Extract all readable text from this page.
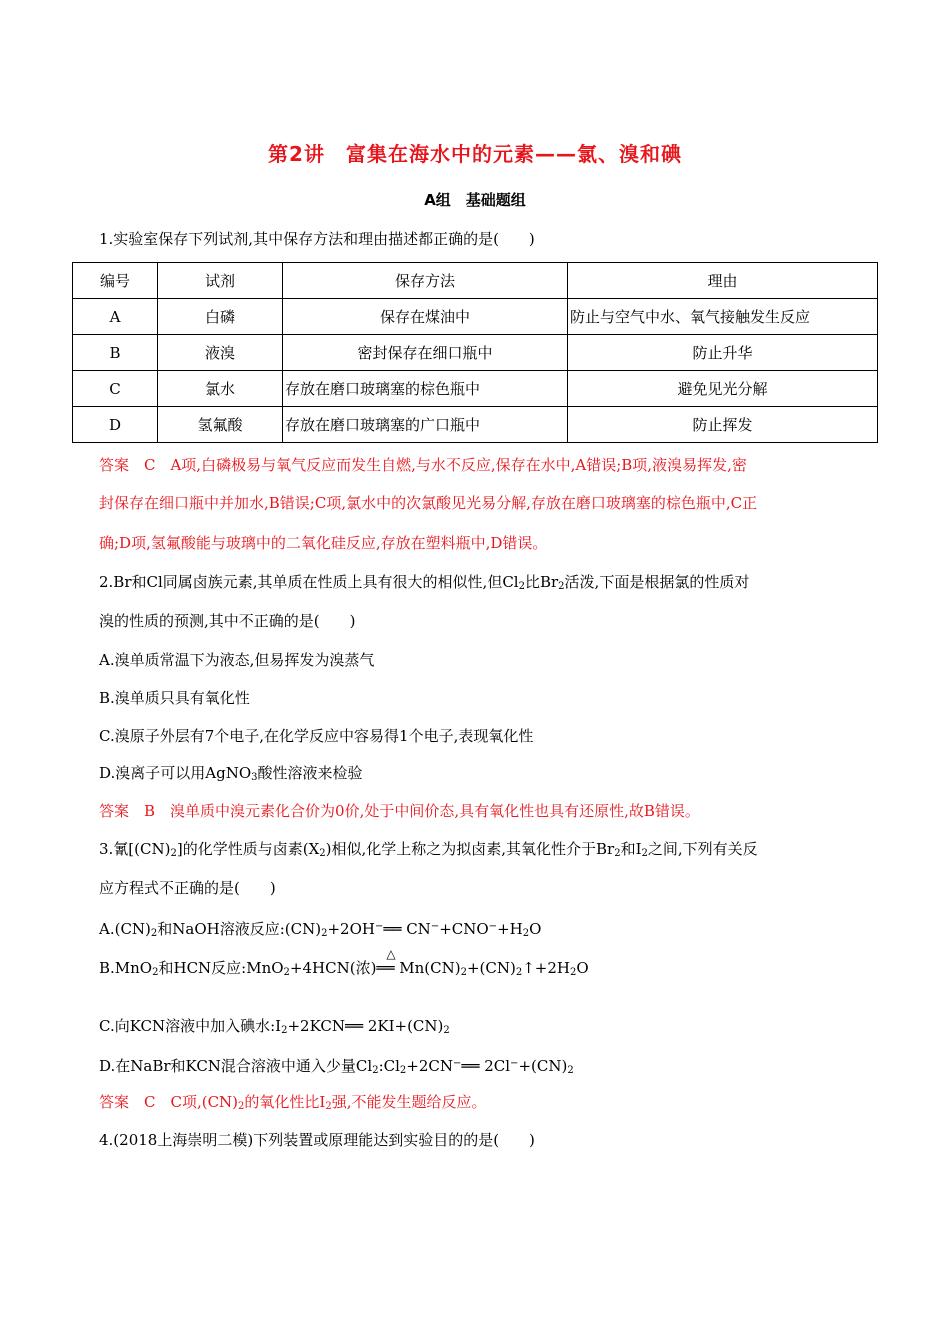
第2讲　富集在海水中的元素——氯、溴和碘
A组　基础题组
1.实验室保存下列试剂,其中保存方法和理由描述都正确的是(　　)
编号	试剂	保存方法	理由
A	白磷	保存在煤油中	防止与空气中水、氧气接触发生反应
B	液溴	密封保存在细口瓶中	防止升华
C	氯水	存放在磨口玻璃塞的棕色瓶中	避免见光分解
D	氢氟酸	存放在磨口玻璃塞的广口瓶中	防止挥发
答案　C　A项,白磷极易与氧气反应而发生自燃,与水不反应,保存在水中,A错误;B项,液溴易挥发,密
封保存在细口瓶中并加水,B错误;C项,氯水中的次氯酸见光易分解,存放在磨口玻璃塞的棕色瓶中,C正
确;D项,氢氟酸能与玻璃中的二氧化硅反应,存放在塑料瓶中,D错误。
2.Br和Cl同属卤族元素,其单质在性质上具有很大的相似性,但$Cl_2$比$Br_2$活泼,下面是根据氯的性质对
溴的性质的预测,其中不正确的是(　　)
A.溴单质常温下为液态,但易挥发为溴蒸气
B.溴单质只具有氧化性
C.溴原子外层有7个电子,在化学反应中容易得1个电子,表现氧化性
D.溴离子可以用AgNO$_3$酸性溶液来检验
答案　B　溴单质中溴元素化合价为0价,处于中间价态,具有氧化性也具有还原性,故B错误。
3.氰$[(CN)_2]$的化学性质与卤素$(X_2)$相似,化学上称之为拟卤素,其氧化性介于$Br_2$和$I_2$之间,下列有关反
应方程式不正确的是(　　)
$A.(CN)_2$和NaOH溶液反应$:(CN)_2+2OH^-══$ $CN^-+CNO^-+H_2O$
B.MnO$_2$和HCN反应:MnO$_2$+4HCN(浓)
△
══ $Mn(CN)_2+(CN)_2↑+2H_2O$
C.向KCN溶液中加入碘水$:I_2+2KCN══$ $2KI+(CN)_2$
D.在NaBr和KCN混合溶液中通入少量$Cl_2:Cl_2+2CN^-══$ $2Cl^-+(CN)_2$
答案　C　C项$,(CN)_2$的氧化性比$I_2$强,不能发生题给反应。
4.(2018上海崇明二模)下列装置或原理能达到实验目的的是(　　)
